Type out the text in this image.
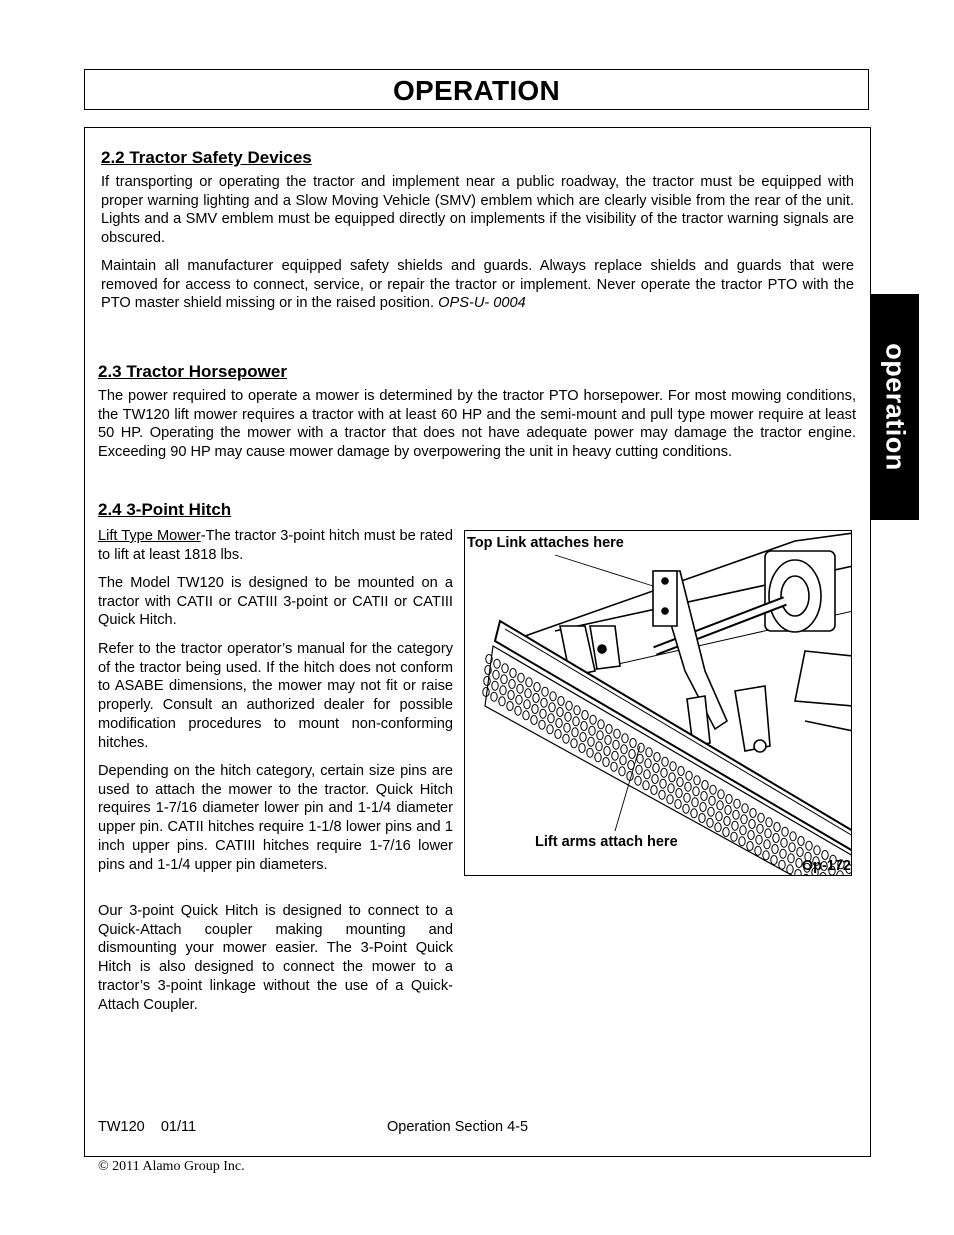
OPERATION
operation
2.2 Tractor Safety Devices
If transporting or operating the tractor and implement near a public roadway, the tractor must be equipped with proper warning lighting and a Slow Moving Vehicle (SMV) emblem which are clearly visible from the rear of the unit. Lights and a SMV emblem must be equipped directly on implements if the visibility of the tractor warning signals are obscured.
Maintain all manufacturer equipped safety shields and guards. Always replace shields and guards that were removed for access to connect, service, or repair the tractor or implement. Never operate the tractor PTO with the PTO master shield missing or in the raised position. OPS-U- 0004
2.3 Tractor Horsepower
The power required to operate a mower is determined by the tractor PTO horsepower. For most mowing conditions, the TW120 lift mower requires a tractor with at least 60 HP and the semi-mount and pull type mower require at least 50 HP. Operating the mower with a tractor that does not have adequate power may damage the tractor engine. Exceeding 90 HP may cause mower damage by overpowering the unit in heavy cutting conditions.
2.4 3-Point Hitch
Lift Type Mower-The tractor 3-point hitch must be rated to lift at least 1818 lbs.
The Model TW120 is designed to be mounted on a tractor with CATII or CATIII 3-point or CATII or CATIII Quick Hitch.
Refer to the tractor operator’s manual for the category of the tractor being used. If the hitch does not conform to ASABE dimensions, the mower may not fit or raise properly. Consult an authorized dealer for possible modification procedures to mount non-conforming hitches.
Depending on the hitch category, certain size pins are used to attach the mower to the tractor. Quick Hitch requires 1-7/16 diameter lower pin and 1-1/4 diameter upper pin. CATII hitches require 1-1/8 lower pins and 1 inch upper pins. CATIII hitches require 1-7/16 lower pins and 1-1/4 upper pin diameters.
Our 3-point Quick Hitch is designed to connect to a Quick-Attach coupler making mounting and dismounting your mower easier. The 3-Point Quick Hitch is also designed to connect the mower to a tractor’s 3-point linkage without the use of a Quick-Attach Coupler.
Top Link attaches here
Lift arms attach here
Op-172
TW120    01/11	Operation Section 4-5
© 2011 Alamo Group Inc.
